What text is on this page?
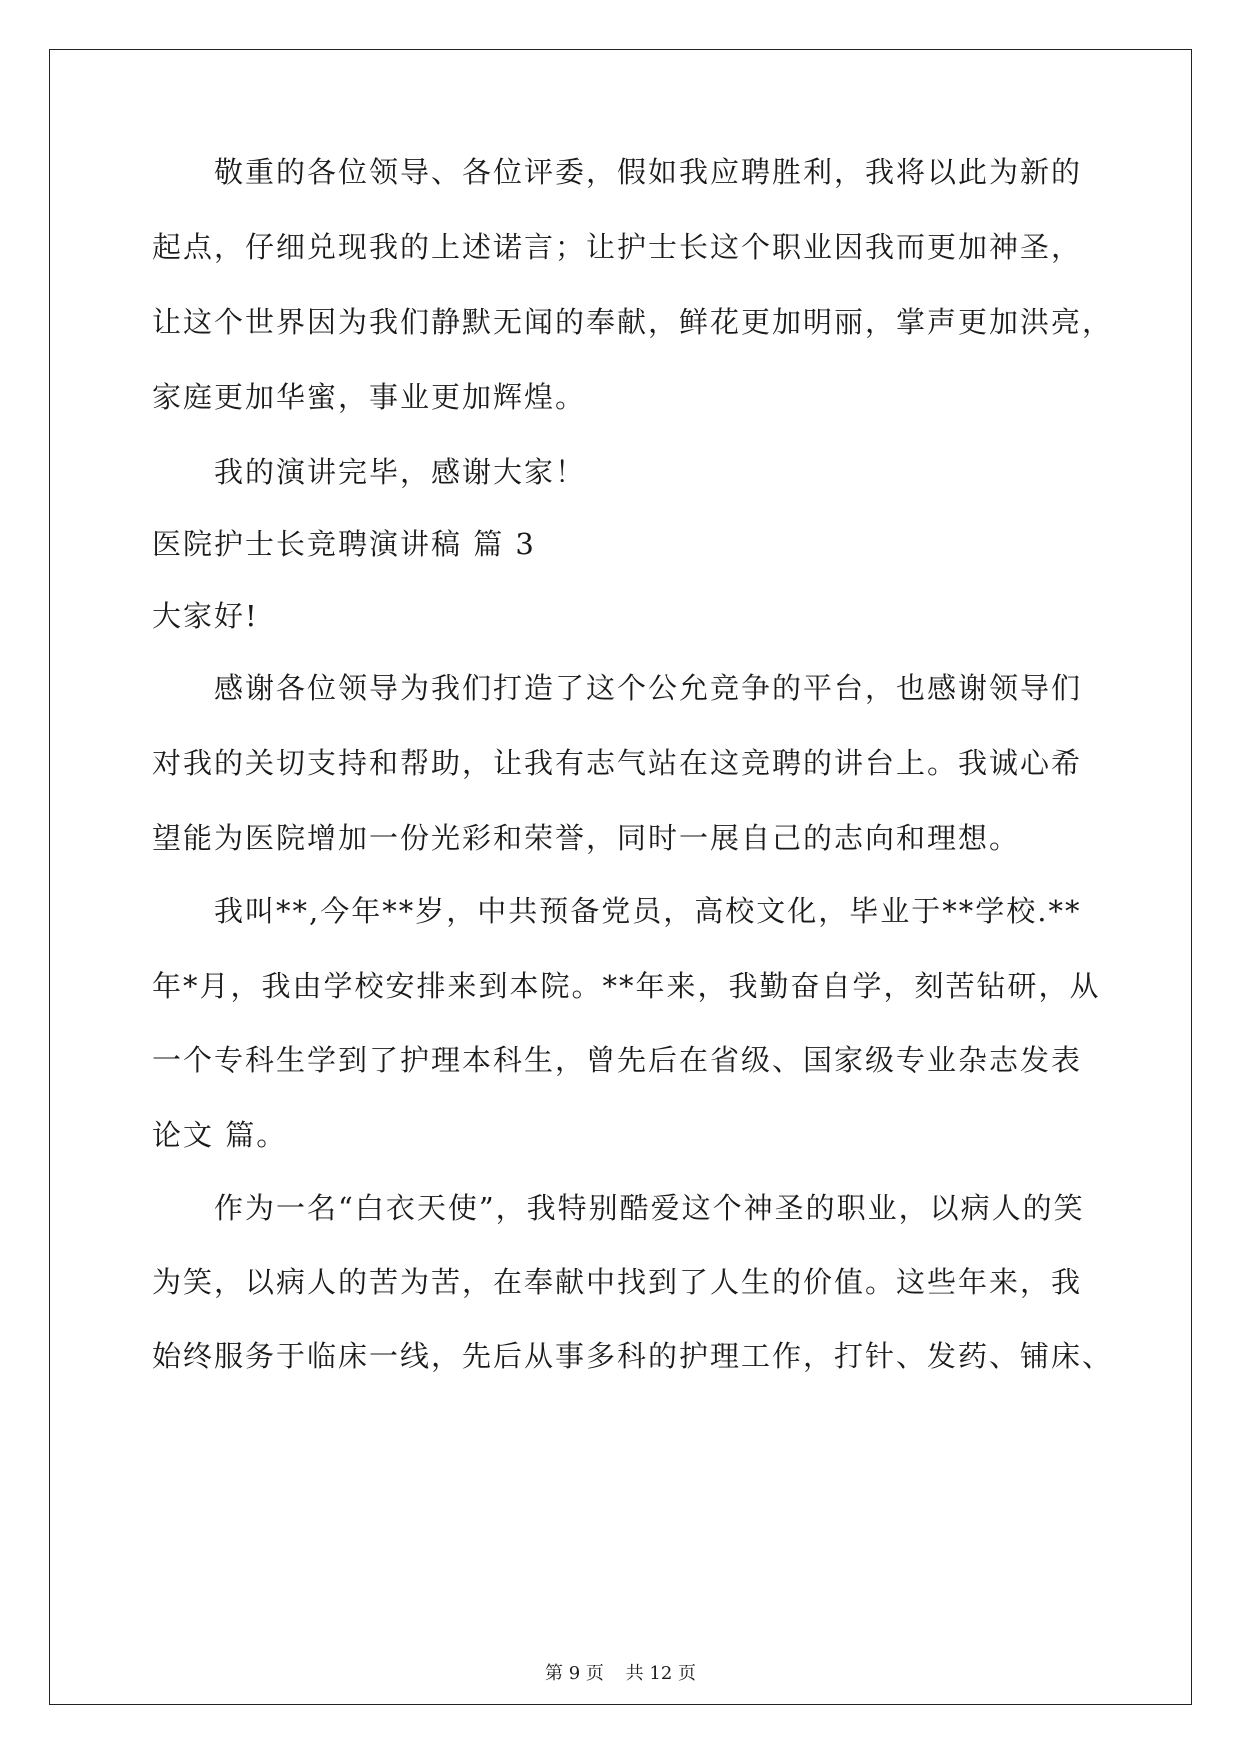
敬重的各位领导、各位评委，假如我应聘胜利，我将以此为新的
起点，仔细兑现我的上述诺言；让护士长这个职业因我而更加神圣，
让这个世界因为我们静默无闻的奉献，鲜花更加明丽，掌声更加洪亮，
家庭更加华蜜，事业更加辉煌。
我的演讲完毕，感谢大家！
医院护士长竞聘演讲稿 篇 3
大家好!
感谢各位领导为我们打造了这个公允竞争的平台，也感谢领导们
对我的关切支持和帮助，让我有志气站在这竞聘的讲台上。我诚心希
望能为医院增加一份光彩和荣誉，同时一展自己的志向和理想。
我叫**,今年**岁，中共预备党员，高校文化，毕业于**学校.**
年*月，我由学校安排来到本院。**年来，我勤奋自学，刻苦钻研，从
一个专科生学到了护理本科生，曾先后在省级、国家级专业杂志发表
论文 篇。
作为一名“白衣天使”，我特别酷爱这个神圣的职业，以病人的笑
为笑，以病人的苦为苦，在奉献中找到了人生的价值。这些年来，我
始终服务于临床一线，先后从事多科的护理工作，打针、发药、铺床、
第 9 页 共 12 页
